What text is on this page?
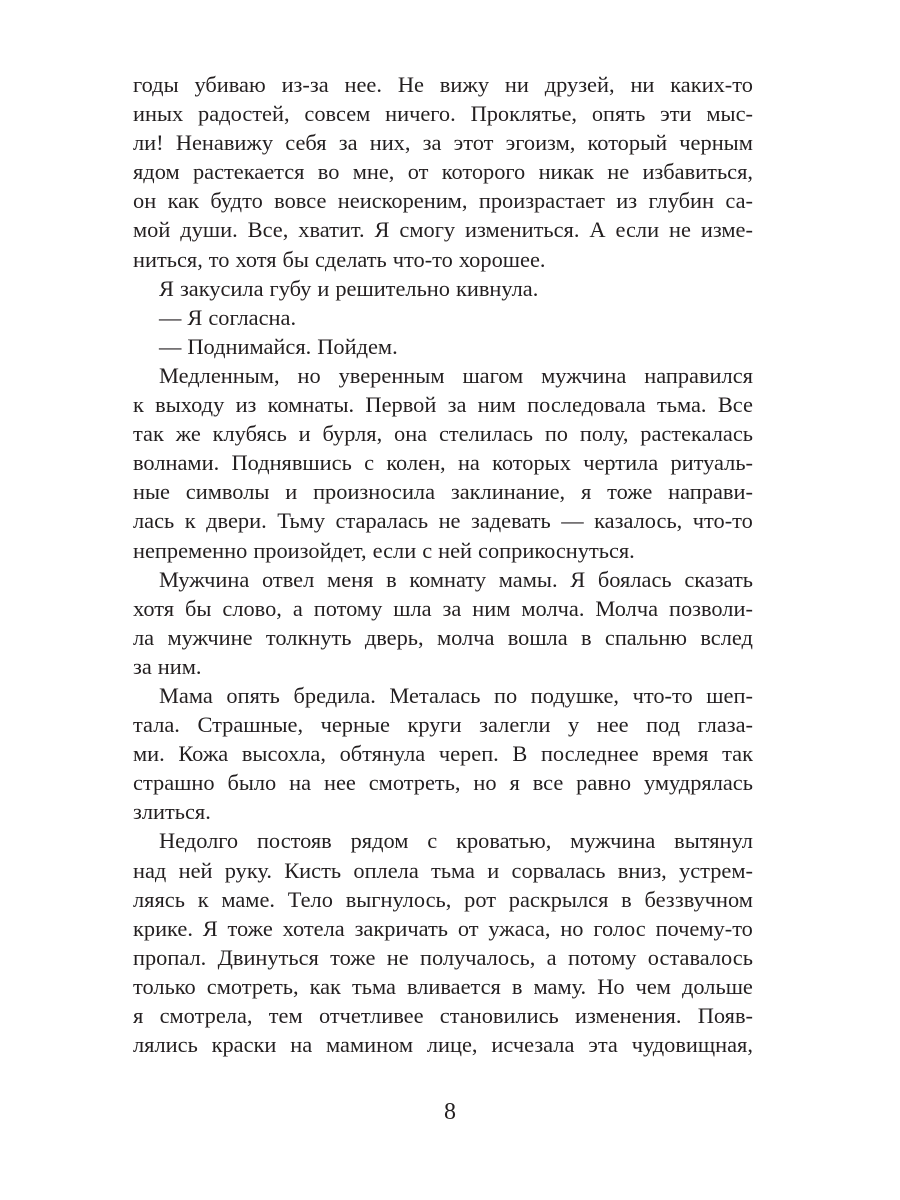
годы убиваю из-за нее. Не вижу ни друзей, ни каких-то
иных радостей, совсем ничего. Проклятье, опять эти мыс-
ли! Ненавижу себя за них, за этот эгоизм, который черным
ядом растекается во мне, от которого никак не избавиться,
он как будто вовсе неискореним, произрастает из глубин са-
мой души. Все, хватит. Я смогу измениться. А если не изме-
ниться, то хотя бы сделать что-то хорошее.
Я закусила губу и решительно кивнула.
— Я согласна.
— Поднимайся. Пойдем.
Медленным, но уверенным шагом мужчина направился
к выходу из комнаты. Первой за ним последовала тьма. Все
так же клубясь и бурля, она стелилась по полу, растекалась
волнами. Поднявшись с колен, на которых чертила ритуаль-
ные символы и произносила заклинание, я тоже направи-
лась к двери. Тьму старалась не задевать — казалось, что-то
непременно произойдет, если с ней соприкоснуться.
Мужчина отвел меня в комнату мамы. Я боялась сказать
хотя бы слово, а потому шла за ним молча. Молча позволи-
ла мужчине толкнуть дверь, молча вошла в спальню вслед
за ним.
Мама опять бредила. Металась по подушке, что-то шеп-
тала. Страшные, черные круги залегли у нее под глаза-
ми. Кожа высохла, обтянула череп. В последнее время так
страшно было на нее смотреть, но я все равно умудрялась
злиться.
Недолго постояв рядом с кроватью, мужчина вытянул
над ней руку. Кисть оплела тьма и сорвалась вниз, устрем-
ляясь к маме. Тело выгнулось, рот раскрылся в беззвучном
крике. Я тоже хотела закричать от ужаса, но голос почему-то
пропал. Двинуться тоже не получалось, а потому оставалось
только смотреть, как тьма вливается в маму. Но чем дольше
я смотрела, тем отчетливее становились изменения. Появ-
лялись краски на мамином лице, исчезала эта чудовищная,
8
